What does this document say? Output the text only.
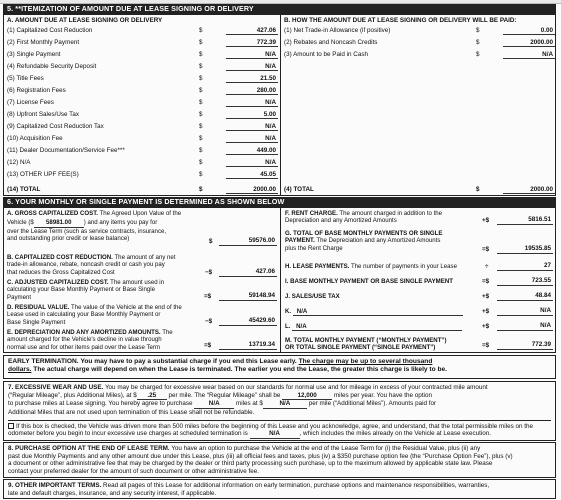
5. **ITEMIZATION OF AMOUNT DUE AT LEASE SIGNING OR DELIVERY
A. AMOUNT DUE AT LEASE SIGNING OR DELIVERY
(1) Capitalized Cost Reduction	$	427.06
(2) First Monthly Payment	$	772.39
(3) Single Payment	$	N/A
(4) Refundable Security Deposit	$	N/A
(5) Title Fees	$	21.50
(6) Registration Fees	$	280.00
(7) License Fees	$	N/A
(8) Upfront Sales/Use Tax	$	5.00
(9) Capitalized Cost Reduction Tax	$	N/A
(10) Acquisition Fee	$	N/A
(11) Dealer Documentation/Service Fee***	$	449.00
(12) N/A	$	N/A
(13) OTHER UPF FEE(S)	$	45.05
(14) TOTAL	$	2000.00
B. HOW THE AMOUNT DUE AT LEASE SIGNING OR DELIVERY WILL BE PAID:
(1) Net Trade-in Allowance (if positive)	$	0.00
(2) Rebates and Noncash Credits	$	2000.00
(3) Amount to be Paid in Cash	$	N/A
(4) TOTAL	$	2000.00
6. YOUR MONTHLY OR SINGLE PAYMENT IS DETERMINED AS SHOWN BELOW
A. GROSS CAPITALIZED COST. The Agreed Upon Value of the
Vehicle ($ 58981.00 ) and any items you pay for
over the Lease Term (such as service contracts, insurance,
and outstanding prior credit or lease balance)	$	59576.00
B. CAPITALIZED COST REDUCTION. The amount of any net
trade-in allowance, rebate, noncash credit or cash you pay
that reduces the Gross Capitalized Cost	−$	427.06
C. ADJUSTED CAPITALIZED COST. The amount used in
calculating your Base Monthly Payment or Base Single
Payment	=$	59148.94
D. RESIDUAL VALUE. The value of the Vehicle at the end of the
Lease used in calculating your Base Monthly Payment or
Base Single Payment	−$	45429.60
E. DEPRECIATION AND ANY AMORTIZED AMOUNTS. The
amount charged for the Vehicle's decline in value through
normal use and for other items paid over the Lease Term	=$	13719.34
F. RENT CHARGE. The amount charged in addition to the
Depreciation and any Amortized Amounts	+$	5816.51
G. TOTAL OF BASE MONTHLY PAYMENTS OR SINGLE
PAYMENT. The Depreciation and any Amortized Amounts
plus the Rent Charge	=$	19535.85
H. LEASE PAYMENTS. The number of payments in your Lease	÷	27
I. BASE MONTHLY PAYMENT OR BASE SINGLE PAYMENT	=$	723.55
J. SALES/USE TAX	+$	48.84
K. N/A	+$	N/A
L. N/A	+$	N/A
M. TOTAL MONTHLY PAYMENT (“MONTHLY PAYMENT”)
OR TOTAL SINGLE PAYMENT (“SINGLE PAYMENT”)	=$	772.39
EARLY TERMINATION. You may have to pay a substantial charge if you end this Lease early. The charge may be up to several thousand
dollars. The actual charge will depend on when the Lease is terminated. The earlier you end the Lease, the greater this charge is likely to be.
7. EXCESSIVE WEAR AND USE. You may be charged for excessive wear based on our standards for normal use and for mileage in excess of your contracted mile amount
(“Regular Mileage”, plus Additional Miles), at $ .25 per mile. The “Regular Mileage” shall be	12,000	miles per year. You have the option
to purchase miles at Lease signing. You hereby agree to purchase	N/A	miles at $	N/A	per mile (“Additional Miles”). Amounts paid for
Additional Miles that are not used upon termination of this Lease shall not be refundable.
If this box is checked, the Vehicle was driven more than 500 miles before the beginning of this Lease and you acknowledge, agree, and understand, that the total permissible miles on the
odometer before you begin to incur excessive use charges at scheduled termination is	N/A	, which includes the miles already on the Vehicle at Lease execution.
8. PURCHASE OPTION AT THE END OF LEASE TERM. You have an option to purchase the Vehicle at the end of the Lease Term for (i) the Residual Value, plus (ii) any
past due Monthly Payments and any other amount due under this Lease, plus (iii) all official fees and taxes, plus (iv) a $350 purchase option fee (the “Purchase Option Fee”), plus (v)
a document or other administrative fee that may be charged by the dealer or third party processing such purchase, up to the maximum allowed by applicable state law. Please
contact your preferred dealer for the amount of such document or other administrative fee.
9. OTHER IMPORTANT TERMS. Read all pages of this Lease for additional information on early termination, purchase options and maintenance responsibilities, warranties,
late and default charges, insurance, and any security interest, if applicable.
